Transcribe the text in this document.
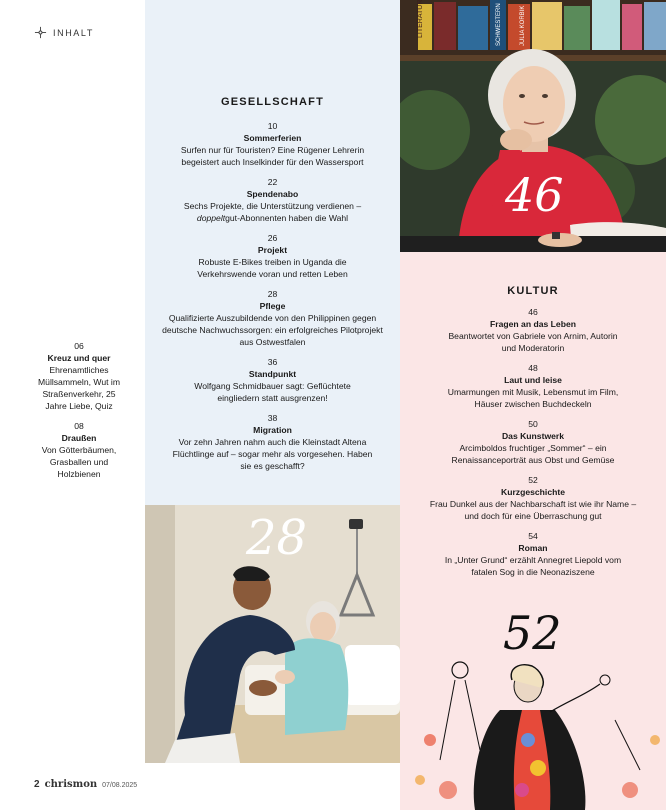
INHALT	LITERATUR	SCHWESTERN	JULIA KORBIK
46
28
52
GESELLSCHAFT
10
Sommerferien
Surfen nur für Touristen? Eine Rügener Lehrerin begeistert auch Inselkinder für den Wassersport
22
Spendenabo
Sechs Projekte, die Unterstützung verdienen – doppeltgut-Abonnenten haben die Wahl
26
Projekt
Robuste E-Bikes treiben in Uganda die Verkehrswende voran und retten Leben
28
Pflege
Qualifizierte Auszubildende von den Philippinen gegen deutsche Nachwuchssorgen: ein erfolgreiches Pilotprojekt aus Ostwestfalen
36
Standpunkt
Wolfgang Schmidbauer sagt: Geflüchtete eingliedern statt ausgrenzen!
38
Migration
Vor zehn Jahren nahm auch die Kleinstadt Altena Flüchtlinge auf – sogar mehr als vorgesehen. Haben sie es geschafft?
06
Kreuz und quer
Ehrenamtliches Müllsammeln, Wut im Straßenverkehr, 25 Jahre Liebe, Quiz
08
Draußen
Von Götterbäumen, Grasballen und Holzbienen
KULTUR
46
Fragen an das Leben
Beantwortet von Gabriele von Arnim, Autorin und Moderatorin
48
Laut und leise
Umarmungen mit Musik, Lebensmut im Film, Häuser zwischen Buchdeckeln
50
Das Kunstwerk
Arcimboldos fruchtiger „Sommer“ – ein Renaissanceporträt aus Obst und Gemüse
52
Kurzgeschichte
Frau Dunkel aus der Nachbarschaft ist wie ihr Name – und doch für eine Überraschung gut
54
Roman
In „Unter Grund“ erzählt Annegret Liepold vom fatalen Sog in die Neonaziszene
2 chrismon 07/08.2025
